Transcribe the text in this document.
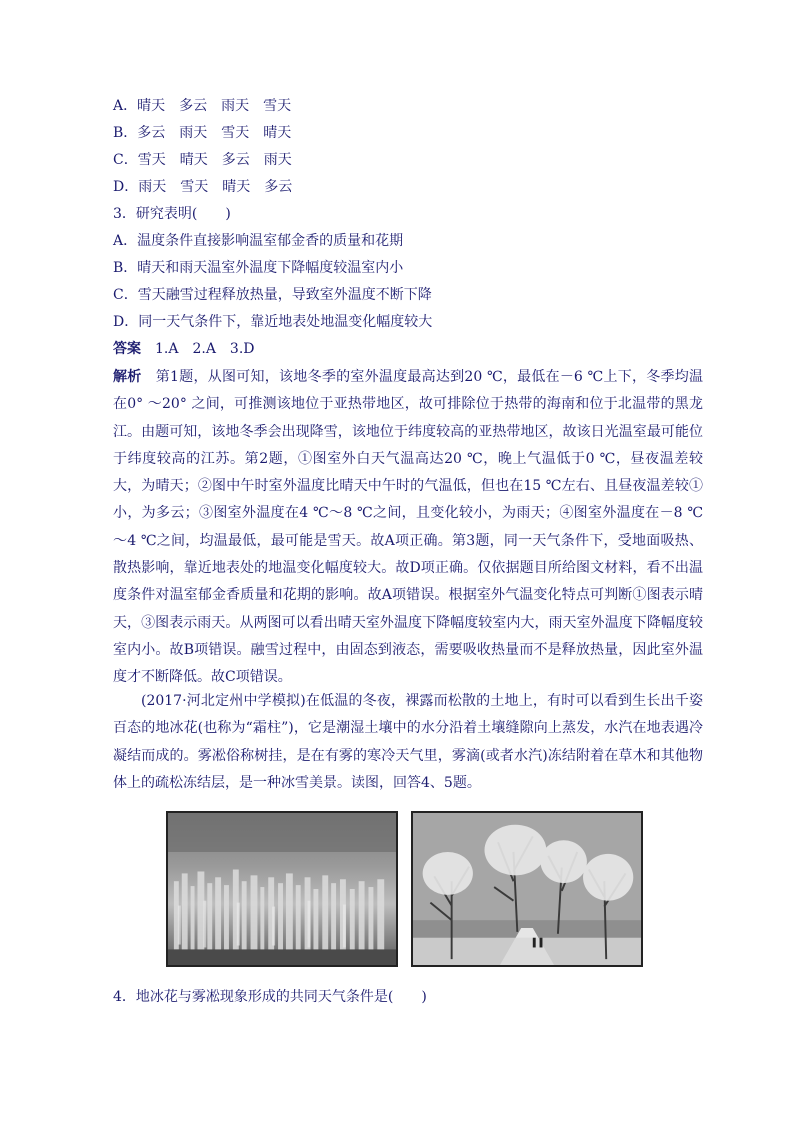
A．晴天　多云　雨天　雪天
B．多云　雨天　雪天　晴天
C．雪天　晴天　多云　雨天
D．雨天　雪天　晴天　多云
3．研究表明(　　)
A．温度条件直接影响温室郁金香的质量和花期
B．晴天和雨天温室外温度下降幅度较温室内小
C．雪天融雪过程释放热量，导致室外温度不断下降
D．同一天气条件下，靠近地表处地温变化幅度较大
答案　 1.A　2.A　3.D
解析　 第1题，从图可知，该地冬季的室外温度最高达到20 ℃，最低在－6 ℃上下，冬季均温在0° ～20° 之间，可推测该地位于亚热带地区，故可排除位于热带的海南和位于北温带的黑龙江。由题可知，该地冬季会出现降雪，该地位于纬度较高的亚热带地区，故该日光温室最可能位于纬度较高的江苏。第2题，①图室外白天气温高达20 ℃，晚上气温低于0 ℃，昼夜温差较大，为晴天；②图中午时室外温度比晴天中午时的气温低，但也在15 ℃左右、且昼夜温差较①小，为多云；③图室外温度在4 ℃～8 ℃之间，且变化较小，为雨天；④图室外温度在－8 ℃～4 ℃之间，均温最低，最可能是雪天。故A项正确。第3题，同一天气条件下，受地面吸热、散热影响，靠近地表处的地温变化幅度较大。故D项正确。仅依据题目所给图文材料，看不出温度条件对温室郁金香质量和花期的影响。故A项错误。根据室外气温变化特点可判断①图表示晴天，③图表示雨天。从两图可以看出晴天室外温度下降幅度较室内大，雨天室外温度下降幅度较室内小。故B项错误。融雪过程中，由固态到液态，需要吸收热量而不是释放热量，因此室外温度才不断降低。故C项错误。
(2017·河北定州中学模拟)在低温的冬夜，裸露而松散的土地上，有时可以看到生长出千姿百态的地冰花(也称为“霜柱”)，它是潮湿土壤中的水分沿着土壤缝隙向上蒸发，水汽在地表遇冷凝结而成的。雾凇俗称树挂，是在有雾的寒冷天气里，雾滴(或者水汽)冻结附着在草木和其他物体上的疏松冻结层，是一种冰雪美景。读图，回答4、5题。
4．地冰花与雾凇现象形成的共同天气条件是(　　)
